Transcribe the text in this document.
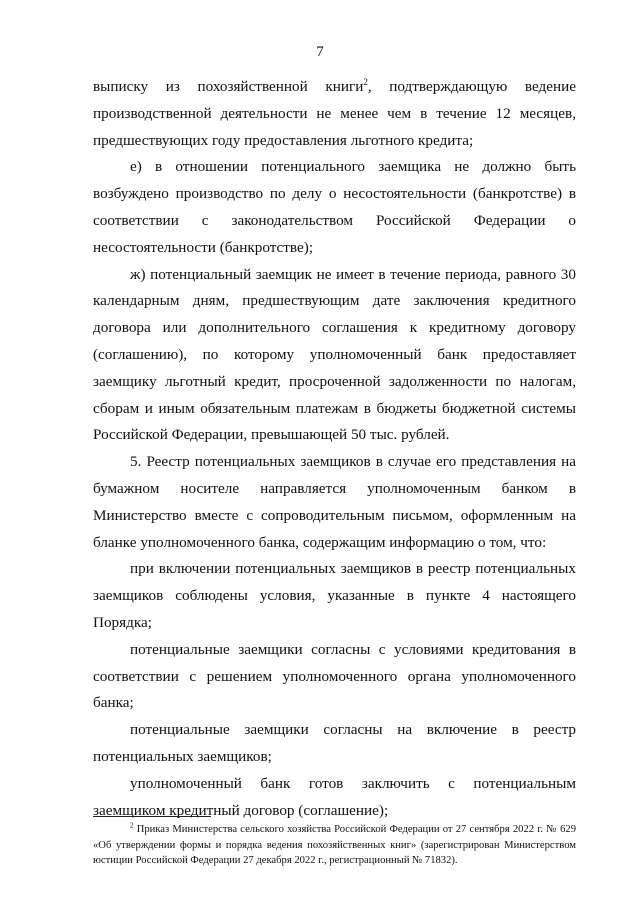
7

выписку из похозяйственной книги$^2$, подтверждающую ведение производственной деятельности не менее чем в течение 12 месяцев, предшествующих году предоставления льготного кредита;

е) в отношении потенциального заемщика не должно быть возбуждено производство по делу о несостоятельности (банкротстве) в соответствии с законодательством Российской Федерации о несостоятельности (банкротстве);

ж) потенциальный заемщик не имеет в течение периода, равного 30 календарным дням, предшествующим дате заключения кредитного договора или дополнительного соглашения к кредитному договору (соглашению), по которому уполномоченный банк предоставляет заемщику льготный кредит, просроченной задолженности по налогам, сборам и иным обязательным платежам в бюджеты бюджетной системы Российской Федерации, превышающей 50 тыс. рублей.

5. Реестр потенциальных заемщиков в случае его представления на бумажном носителе направляется уполномоченным банком в Министерство вместе с сопроводительным письмом, оформленным на бланке уполномоченного банка, содержащим информацию о том, что:

при включении потенциальных заемщиков в реестр потенциальных заемщиков соблюдены условия, указанные в пункте 4 настоящего Порядка;

потенциальные заемщики согласны с условиями кредитования в соответствии с решением уполномоченного органа уполномоченного банка;

потенциальные заемщики согласны на включение в реестр потенциальных заемщиков;

уполномоченный банк готов заключить с потенциальным заемщиком кредитный договор (соглашение);

$^2$ Приказ Министерства сельского хозяйства Российской Федерации от 27 сентября 2022 г. № 629 «Об утверждении формы и порядка ведения похозяйственных книг» (зарегистрирован Министерством юстиции Российской Федерации 27 декабря 2022 г., регистрационный № 71832).
